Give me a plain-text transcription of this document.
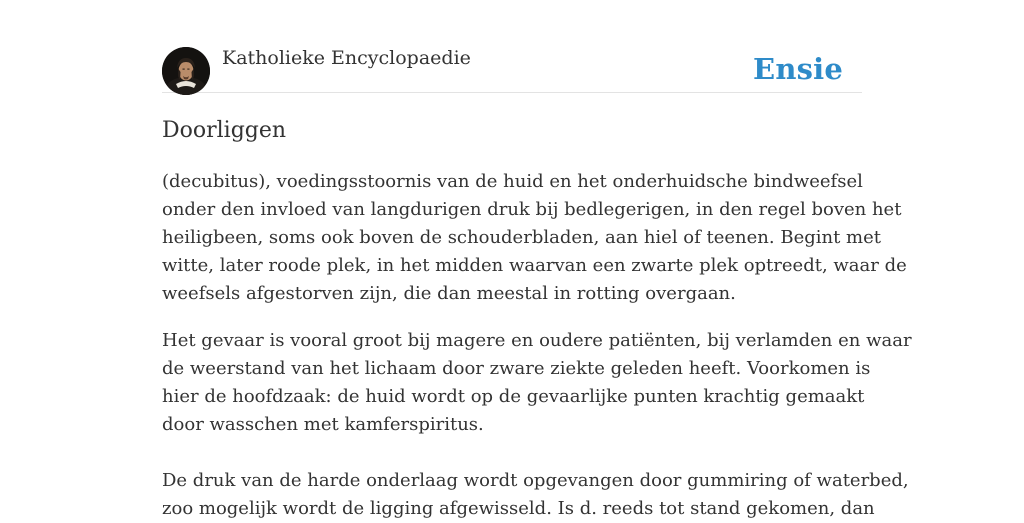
Katholieke Encyclopaedie	Ensie
Doorliggen

(decubitus), voedingsstoornis van de huid en het onderhuidsche bindweefsel
onder den invloed van langdurigen druk bij bedlegerigen, in den regel boven het
heiligbeen, soms ook boven de schouderbladen, aan hiel of teenen. Begint met
witte, later roode plek, in het midden waarvan een zwarte plek optreedt, waar de
weefsels afgestorven zijn, die dan meestal in rotting overgaan.

Het gevaar is vooral groot bij magere en oudere patiënten, bij verlamden en waar
de weerstand van het lichaam door zware ziekte geleden heeft. Voorkomen is
hier de hoofdzaak: de huid wordt op de gevaarlijke punten krachtig gemaakt
door wasschen met kamferspiritus.

De druk van de harde onderlaag wordt opgevangen door gummiring of waterbed,
zoo mogelijk wordt de ligging afgewisseld. Is d. reeds tot stand gekomen, dan
